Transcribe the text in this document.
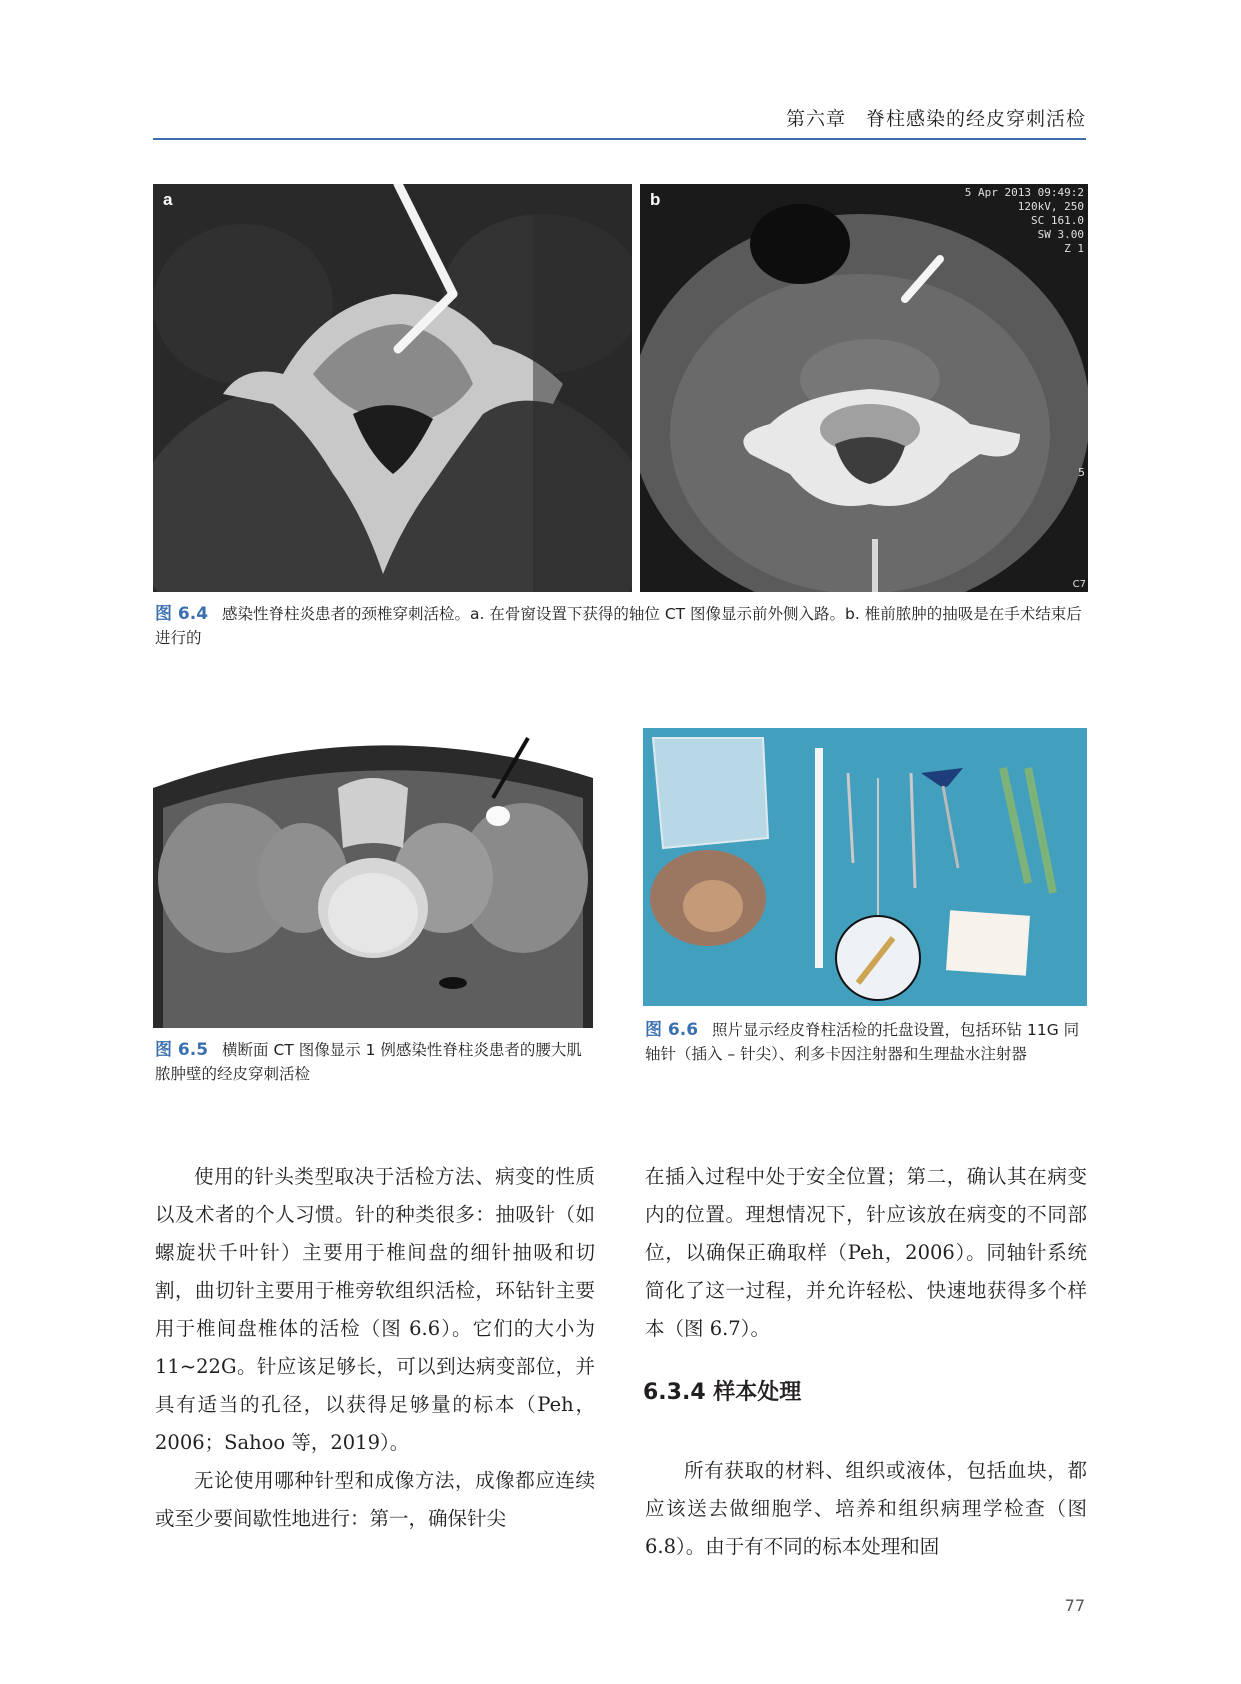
第六章　脊柱感染的经皮穿刺活检
a	b	5 Apr 2013 09:49:2
120kV, 250
SC 161.0
SW 3.00
Z 1
5
C7
图 6.4 感染性脊柱炎患者的颈椎穿刺活检。a. 在骨窗设置下获得的轴位 CT 图像显示前外侧入路。b. 椎前脓肿的抽吸是在手术结束后进行的
图 6.5 横断面 CT 图像显示 1 例感染性脊柱炎患者的腰大肌脓肿壁的经皮穿刺活检
图 6.6 照片显示经皮脊柱活检的托盘设置，包括环钻 11G 同轴针（插入 – 针尖）、利多卡因注射器和生理盐水注射器

使用的针头类型取决于活检方法、病变的性质以及术者的个人习惯。针的种类很多：抽吸针（如螺旋状千叶针）主要用于椎间盘的细针抽吸和切割，曲切针主要用于椎旁软组织活检，环钻针主要用于椎间盘椎体的活检（图 6.6）。它们的大小为 11~22G。针应该足够长，可以到达病变部位，并具有适当的孔径，以获得足够量的标本（Peh，2006；Sahoo 等，2019）。

无论使用哪种针型和成像方法，成像都应连续或至少要间歇性地进行：第一，确保针尖

在插入过程中处于安全位置；第二，确认其在病变内的位置。理想情况下，针应该放在病变的不同部位，以确保正确取样（Peh，2006）。同轴针系统简化了这一过程，并允许轻松、快速地获得多个样本（图 6.7）。

6.3.4 样本处理

所有获取的材料、组织或液体，包括血块，都应该送去做细胞学、培养和组织病理学检查（图 6.8）。由于有不同的标本处理和固

77
